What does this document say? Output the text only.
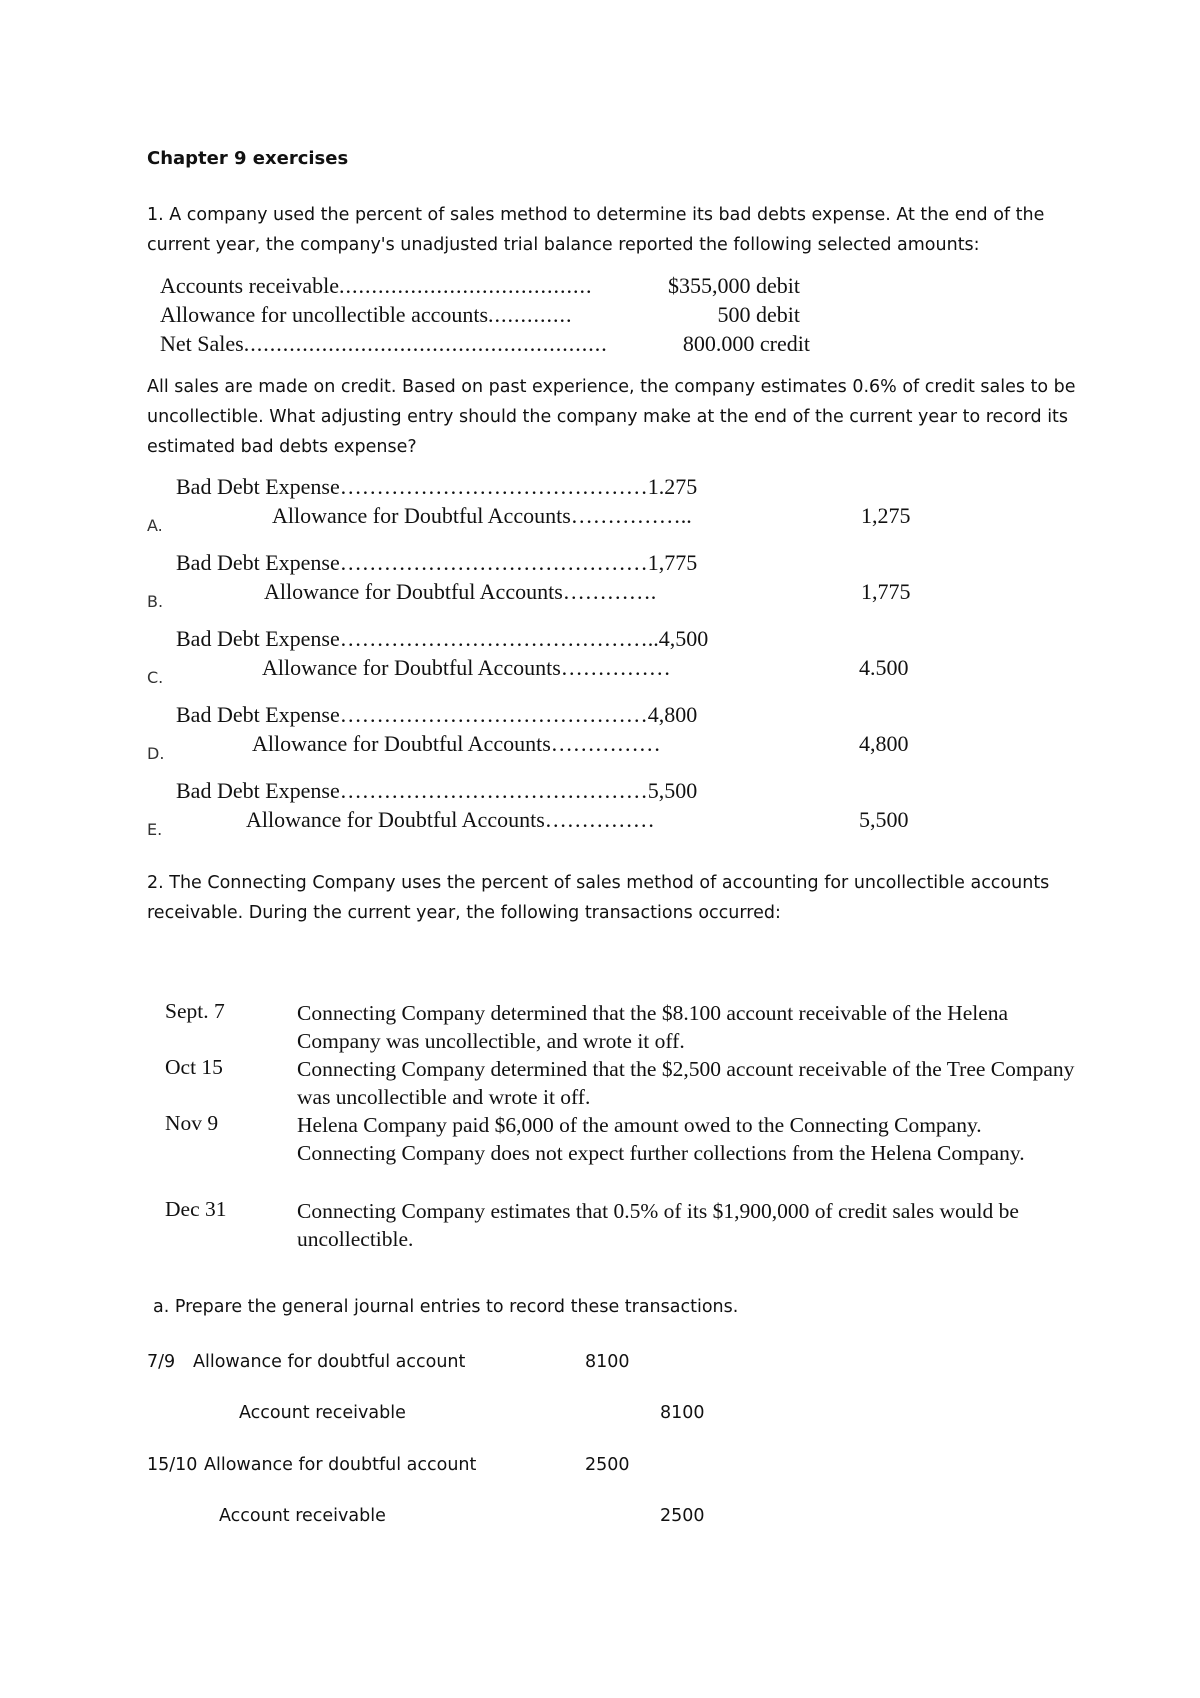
Chapter 9 exercises
1. A company used the percent of sales method to determine its bad debts expense. At the end of the current year, the company's unadjusted trial balance reported the following selected amounts:
Accounts receivable.......................................	$355,000 debit
Allowance for uncollectible accounts.............	500 debit
Net Sales........................................................	800.000 credit
All sales are made on credit. Based on past experience, the company estimates 0.6% of credit sales to be uncollectible. What adjusting entry should the company make at the end of the current year to record its estimated bad debts expense?
Bad Debt Expense……………………………………1.275
A.	Allowance for Doubtful Accounts……………..	1,275
Bad Debt Expense……………………………………1,775
B.	Allowance for Doubtful Accounts………….	1,775
Bad Debt Expense……………………………………..4,500
C.	Allowance for Doubtful Accounts……………	4.500
Bad Debt Expense……………………………………4,800
D.	Allowance for Doubtful Accounts……………	4,800
Bad Debt Expense……………………………………5,500
E.	Allowance for Doubtful Accounts……………	5,500
2. The Connecting Company uses the percent of sales method of accounting for uncollectible accounts receivable. During the current year, the following transactions occurred:
Sept. 7	Connecting Company determined that the $8.100 account receivable of the Helena Company was uncollectible, and wrote it off.
Oct 15	Connecting Company determined that the $2,500 account receivable of the Tree Company was uncollectible and wrote it off.
Nov 9	Helena Company paid $6,000 of the amount owed to the Connecting Company. Connecting Company does not expect further collections from the Helena Company.
Dec 31	Connecting Company estimates that 0.5% of its $1,900,000 of credit sales would be uncollectible.
a. Prepare the general journal entries to record these transactions.
7/9 Allowance for doubtful account	8100
Account receivable	8100
15/10 Allowance for doubtful account	2500
Account receivable	2500
